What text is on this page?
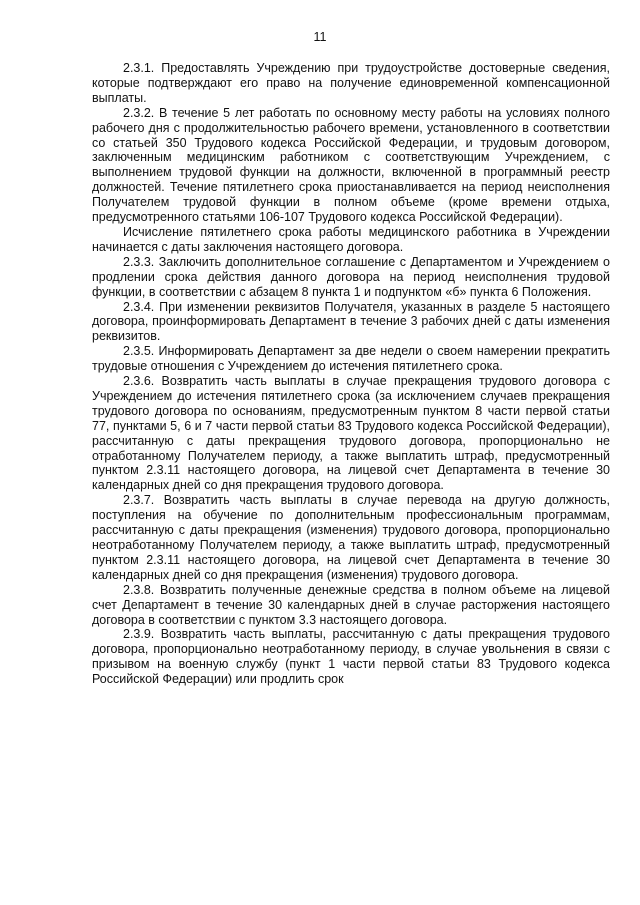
11

2.3.1. Предоставлять Учреждению при трудоустройстве достоверные сведения, которые подтверждают его право на получение единовременной компенсационной выплаты.

2.3.2. В течение 5 лет работать по основному месту работы на условиях полного рабочего дня с продолжительностью рабочего времени, установленного в соответствии со статьей 350 Трудового кодекса Российской Федерации, и трудовым договором, заключенным медицинским работником с соответствующим Учреждением, с выполнением трудовой функции на должности, включенной в программный реестр должностей. Течение пятилетнего срока приостанавливается на период неисполнения Получателем трудовой функции в полном объеме (кроме времени отдыха, предусмотренного статьями 106-107 Трудового кодекса Российской Федерации).

Исчисление пятилетнего срока работы медицинского работника в Учреждении начинается с даты заключения настоящего договора.

2.3.3. Заключить дополнительное соглашение с Департаментом и Учреждением о продлении срока действия данного договора на период неисполнения трудовой функции, в соответствии с абзацем 8 пункта 1 и подпунктом «б» пункта 6 Положения.

2.3.4. При изменении реквизитов Получателя, указанных в разделе 5 настоящего договора, проинформировать Департамент в течение 3 рабочих дней с даты изменения реквизитов.

2.3.5. Информировать Департамент за две недели о своем намерении прекратить трудовые отношения с Учреждением до истечения пятилетнего срока.

2.3.6. Возвратить часть выплаты в случае прекращения трудового договора с Учреждением до истечения пятилетнего срока (за исключением случаев прекращения трудового договора по основаниям, предусмотренным пунктом 8 части первой статьи 77, пунктами 5, 6 и 7 части первой статьи 83 Трудового кодекса Российской Федерации), рассчитанную с даты прекращения трудового договора, пропорционально не отработанному Получателем периоду, а также выплатить штраф, предусмотренный пунктом 2.3.11 настоящего договора, на лицевой счет Департамента в течение 30 календарных дней со дня прекращения трудового договора.

2.3.7. Возвратить часть выплаты в случае перевода на другую должность, поступления на обучение по дополнительным профессиональным программам, рассчитанную с даты прекращения (изменения) трудового договора, пропорционально неотработанному Получателем периоду, а также выплатить штраф, предусмотренный пунктом 2.3.11 настоящего договора, на лицевой счет Департамента в течение 30 календарных дней со дня прекращения (изменения) трудового договора.

2.3.8. Возвратить полученные денежные средства в полном объеме на лицевой счет Департамент в течение 30 календарных дней в случае расторжения настоящего договора в соответствии с пунктом 3.3 настоящего договора.

2.3.9. Возвратить часть выплаты, рассчитанную с даты прекращения трудового договора, пропорционально неотработанному периоду, в случае увольнения в связи с призывом на военную службу (пункт 1 части первой статьи 83 Трудового кодекса Российской Федерации) или продлить срок
